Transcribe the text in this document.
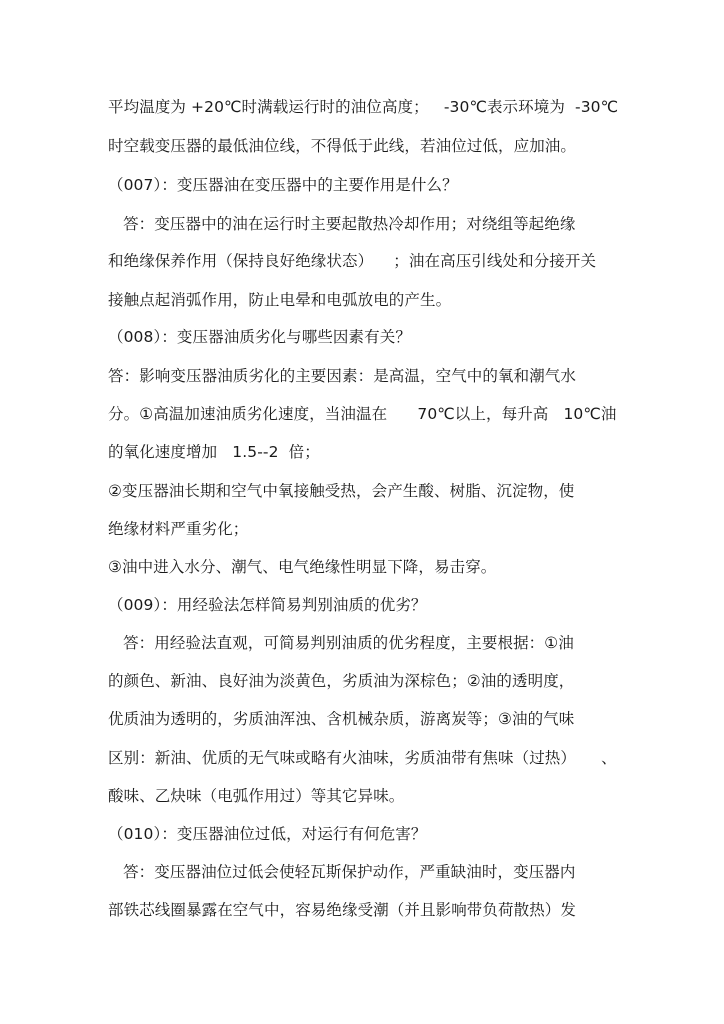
平均温度为 +20℃时满载运行时的油位高度；   -30℃表示环境为  -30℃
时空载变压器的最低油位线，不得低于此线，若油位过低，应加油。
（007）：变压器油在变压器中的主要作用是什么？
答：变压器中的油在运行时主要起散热冷却作用；对绕组等起绝缘
和绝缘保养作用（保持良好绝缘状态）    ；油在高压引线处和分接开关
接触点起消弧作用，防止电晕和电弧放电的产生。
（008）：变压器油质劣化与哪些因素有关？
答：影响变压器油质劣化的主要因素：是高温，空气中的氧和潮气水
分。①高温加速油质劣化速度，当油温在      70℃以上，每升高   10℃油
的氧化速度增加   1.5--2  倍；
②变压器油长期和空气中氧接触受热，会产生酸、树脂、沉淀物，使
绝缘材料严重劣化；
③油中进入水分、潮气、电气绝缘性明显下降，易击穿。
（009）：用经验法怎样简易判别油质的优劣？
答：用经验法直观，可简易判别油质的优劣程度，主要根据：①油
的颜色、新油、良好油为淡黄色，劣质油为深棕色；②油的透明度，
优质油为透明的，劣质油浑浊、含机械杂质，游离炭等；③油的气味
区别：新油、优质的无气味或略有火油味，劣质油带有焦味（过热）     、
酸味、乙炔味（电弧作用过）等其它异味。
（010）：变压器油位过低，对运行有何危害？
答：变压器油位过低会使轻瓦斯保护动作，严重缺油时，变压器内
部铁芯线圈暴露在空气中，容易绝缘受潮（并且影响带负荷散热）发
